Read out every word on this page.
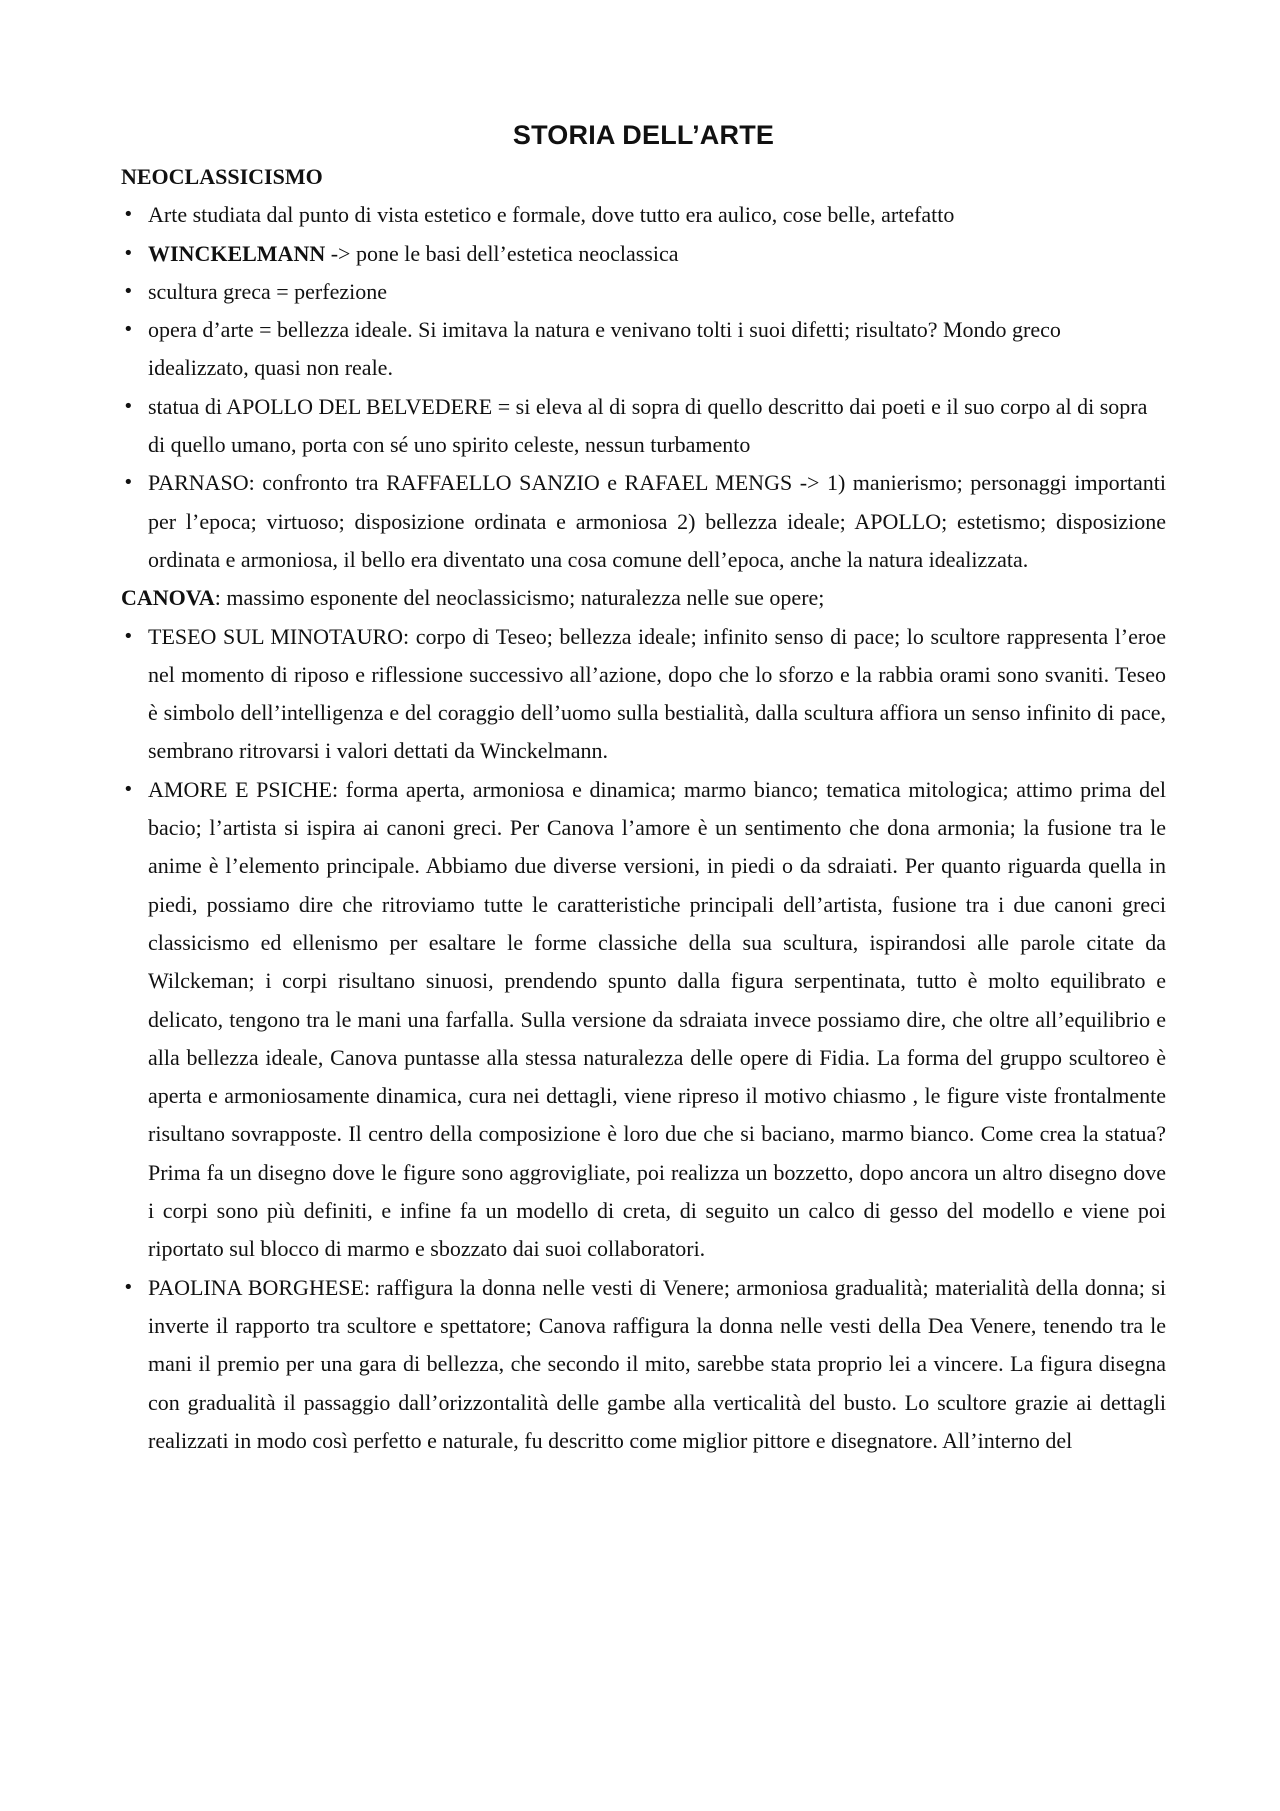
STORIA DELL’ARTE
NEOCLASSICISMO
• Arte studiata dal punto di vista estetico e formale, dove tutto era aulico, cose belle, artefatto
• WINCKELMANN -> pone le basi dell’estetica neoclassica
• scultura greca = perfezione
• opera d’arte = bellezza ideale. Si imitava la natura e venivano tolti i suoi difetti; risultato? Mondo greco idealizzato, quasi non reale.
• statua di APOLLO DEL BELVEDERE = si eleva al di sopra di quello descritto dai poeti e il suo corpo al di sopra di quello umano, porta con sé uno spirito celeste, nessun turbamento
• PARNASO: confronto tra RAFFAELLO SANZIO e RAFAEL MENGS -> 1) manierismo; personaggi importanti per l’epoca; virtuoso; disposizione ordinata e armoniosa 2) bellezza ideale; APOLLO; estetismo; disposizione ordinata e armoniosa, il bello era diventato una cosa comune dell’epoca, anche la natura idealizzata.

CANOVA: massimo esponente del neoclassicismo; naturalezza nelle sue opere;

• TESEO SUL MINOTAURO: corpo di Teseo; bellezza ideale; infinito senso di pace; lo scultore rappresenta l’eroe nel momento di riposo e riflessione successivo all’azione, dopo che lo sforzo e la rabbia orami sono svaniti. Teseo è simbolo dell’intelligenza e del coraggio dell’uomo sulla bestialità, dalla scultura affiora un senso infinito di pace, sembrano ritrovarsi i valori dettati da Winckelmann.
• AMORE E PSICHE: forma aperta, armoniosa e dinamica; marmo bianco; tematica mitologica; attimo prima del bacio; l’artista si ispira ai canoni greci. Per Canova l’amore è un sentimento che dona armonia; la fusione tra le anime è l’elemento principale. Abbiamo due diverse versioni, in piedi o da sdraiati. Per quanto riguarda quella in piedi, possiamo dire che ritroviamo tutte le caratteristiche principali dell’artista, fusione tra i due canoni greci classicismo ed ellenismo per esaltare le forme classiche della sua scultura, ispirandosi alle parole citate da Wilckeman; i corpi risultano sinuosi, prendendo spunto dalla figura serpentinata, tutto è molto equilibrato e delicato, tengono tra le mani una farfalla. Sulla versione da sdraiata invece possiamo dire, che oltre all’equilibrio e alla bellezza ideale, Canova puntasse alla stessa naturalezza delle opere di Fidia. La forma del gruppo scultoreo è aperta e armoniosamente dinamica, cura nei dettagli, viene ripreso il motivo chiasmo , le figure viste frontalmente risultano sovrapposte. Il centro della composizione è loro due che si baciano, marmo bianco. Come crea la statua? Prima fa un disegno dove le figure sono aggrovigliate, poi realizza un bozzetto, dopo ancora un altro disegno dove i corpi sono più definiti, e infine fa un modello di creta, di seguito un calco di gesso del modello e viene poi riportato sul blocco di marmo e sbozzato dai suoi collaboratori.
• PAOLINA BORGHESE: raffigura la donna nelle vesti di Venere; armoniosa gradualità; materialità della donna; si inverte il rapporto tra scultore e spettatore; Canova raffigura la donna nelle vesti della Dea Venere, tenendo tra le mani il premio per una gara di bellezza, che secondo il mito, sarebbe stata proprio lei a vincere. La figura disegna con gradualità il passaggio dall’orizzontalità delle gambe alla verticalità del busto. Lo scultore grazie ai dettagli realizzati in modo così perfetto e naturale, fu descritto come miglior pittore e disegnatore. All’interno del
